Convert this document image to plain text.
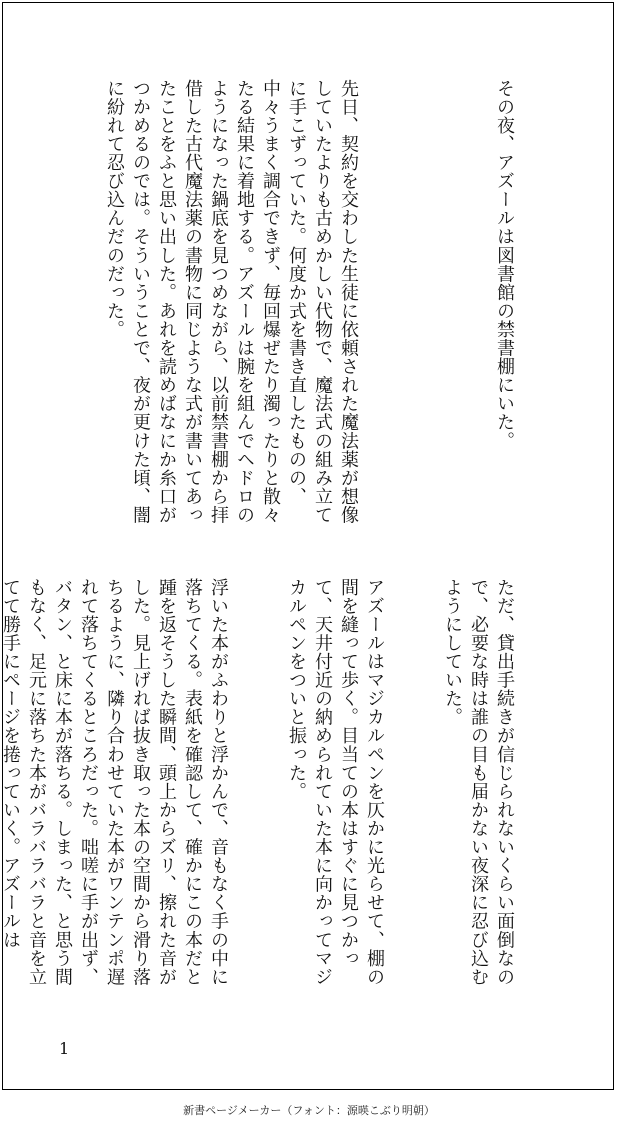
その夜、アズールは図書館の禁書棚にいた。

先日、契約を交わした生徒に依頼された魔法薬が想像していたよりも古めかしい代物で、魔法式の組み立てに手こずっていた。何度か式を書き直したものの、中々うまく調合できず、毎回爆ぜたり濁ったりと散々たる結果に着地する。アズールは腕を組んでヘドロのようになった鍋底を見つめながら、以前禁書棚から拝借した古代魔法薬の書物に同じような式が書いてあったことをふと思い出した。あれを読めばなにか糸口がつかめるのでは。そういうことで、夜が更けた頃、闇に紛れて忍び込んだのだった。

ただ、貸出手続きが信じられないくらい面倒なので、必要な時は誰の目も届かない夜深に忍び込むようにしていた。

アズールはマジカルペンを仄かに光らせて、棚の間を縫って歩く。目当ての本はすぐに見つかって、天井付近の納められていた本に向かってマジカルペンをついと振った。

浮いた本がふわりと浮かんで、音もなく手の中に落ちてくる。表紙を確認して、確かにこの本だと踵を返そうした瞬間、頭上からズリ、擦れた音がした。見上げれば抜き取った本の空間から滑り落ちるように、隣り合わせていた本がワンテンポ遅れて落ちてくるところだった。咄嗟に手が出ず、バタン、と床に本が落ちる。しまった、と思う間もなく、足元に落ちた本がバラバラバラと音を立てて勝手にページを捲っていく。アズールは

1
新書ページメーカー（フォント：源暎こぶり明朝）
